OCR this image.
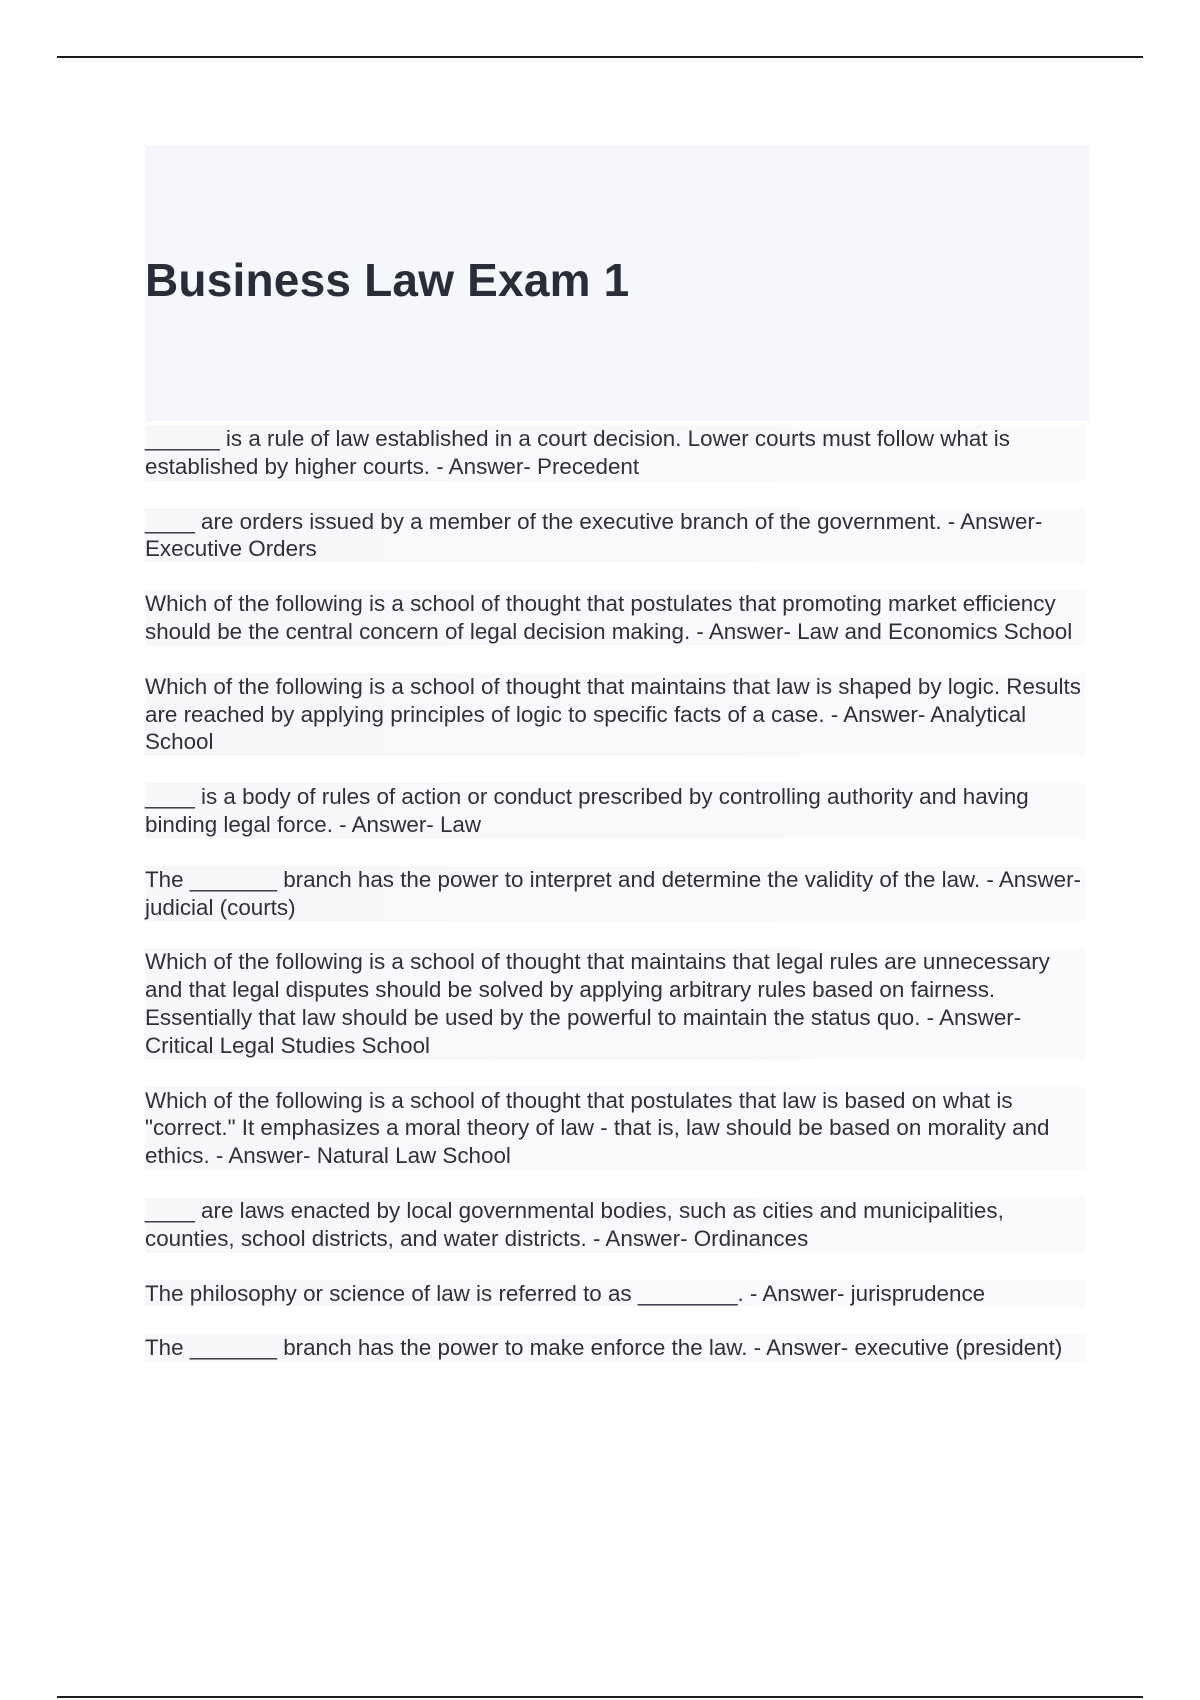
Business Law Exam 1

______ is a rule of law established in a court decision. Lower courts must follow what is established by higher courts. - Answer- Precedent

____ are orders issued by a member of the executive branch of the government. - Answer- Executive Orders

Which of the following is a school of thought that postulates that promoting market efficiency should be the central concern of legal decision making. - Answer- Law and Economics School

Which of the following is a school of thought that maintains that law is shaped by logic. Results are reached by applying principles of logic to specific facts of a case. - Answer- Analytical School

____ is a body of rules of action or conduct prescribed by controlling authority and having binding legal force. - Answer- Law

The _______ branch has the power to interpret and determine the validity of the law. - Answer- judicial (courts)

Which of the following is a school of thought that maintains that legal rules are unnecessary and that legal disputes should be solved by applying arbitrary rules based on fairness. Essentially that law should be used by the powerful to maintain the status quo. - Answer- Critical Legal Studies School

Which of the following is a school of thought that postulates that law is based on what is "correct." It emphasizes a moral theory of law - that is, law should be based on morality and ethics. - Answer- Natural Law School

____ are laws enacted by local governmental bodies, such as cities and municipalities, counties, school districts, and water districts. - Answer- Ordinances

The philosophy or science of law is referred to as ________. - Answer- jurisprudence

The _______ branch has the power to make enforce the law. - Answer- executive (president)
